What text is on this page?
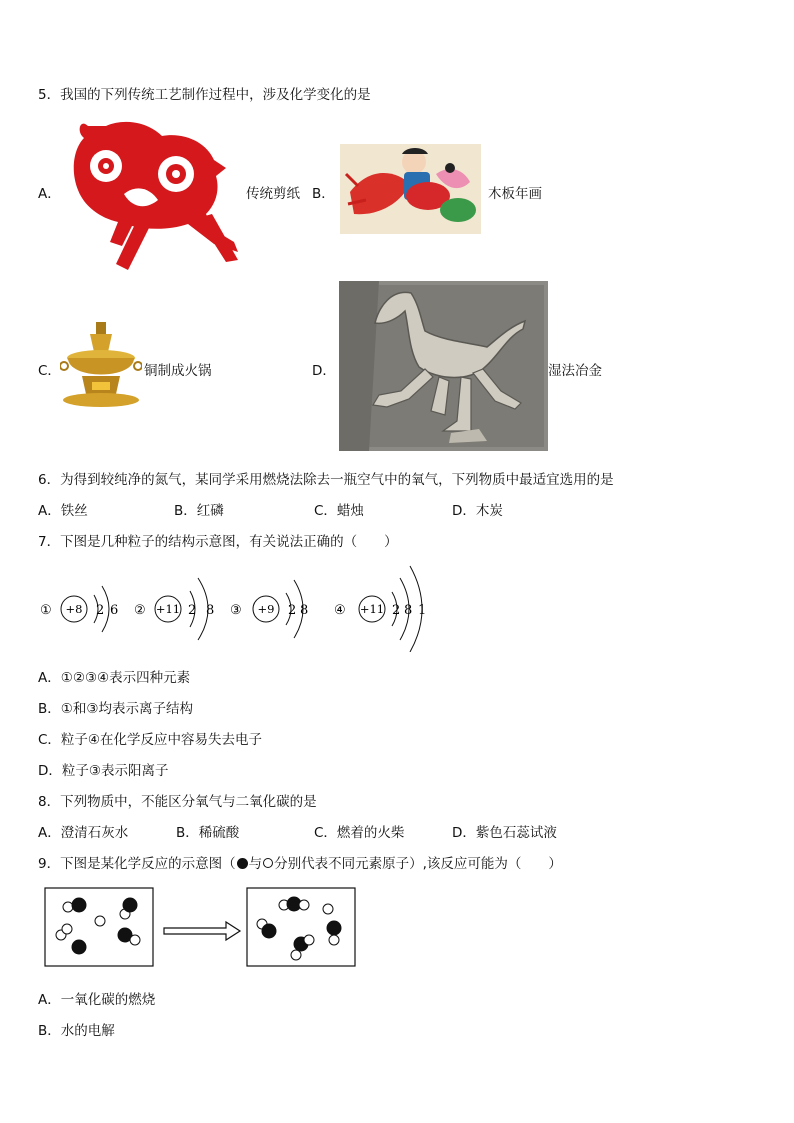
5．我国的下列传统工艺制作过程中，涉及化学变化的是
A．	传统剪纸 B．	木板年画
C．	铜制成火锅	D．	湿法冶金
6．为得到较纯净的氮气，某同学采用燃烧法除去一瓶空气中的氧气，下列物质中最适宜选用的是
A．铁丝	B．红磷	C．蜡烛	D．木炭
7．下图是几种粒子的结构示意图，有关说法正确的（　　）
① +8 2 6 ② +11 2 8 ③ +9 2 8 ④ +11 2 8 1
A．①②③④表示四种元素
B．①和③均表示离子结构
C．粒子④在化学反应中容易失去电子
D．粒子③表示阳离子
8．下列物质中，不能区分氧气与二氧化碳的是
A．澄清石灰水	B．稀硫酸	C．燃着的火柴	D．紫色石蕊试液
9．下图是某化学反应的示意图（ 与 分别代表不同元素原子）,该反应可能为（　　）
A．一氧化碳的燃烧
B．水的电解
